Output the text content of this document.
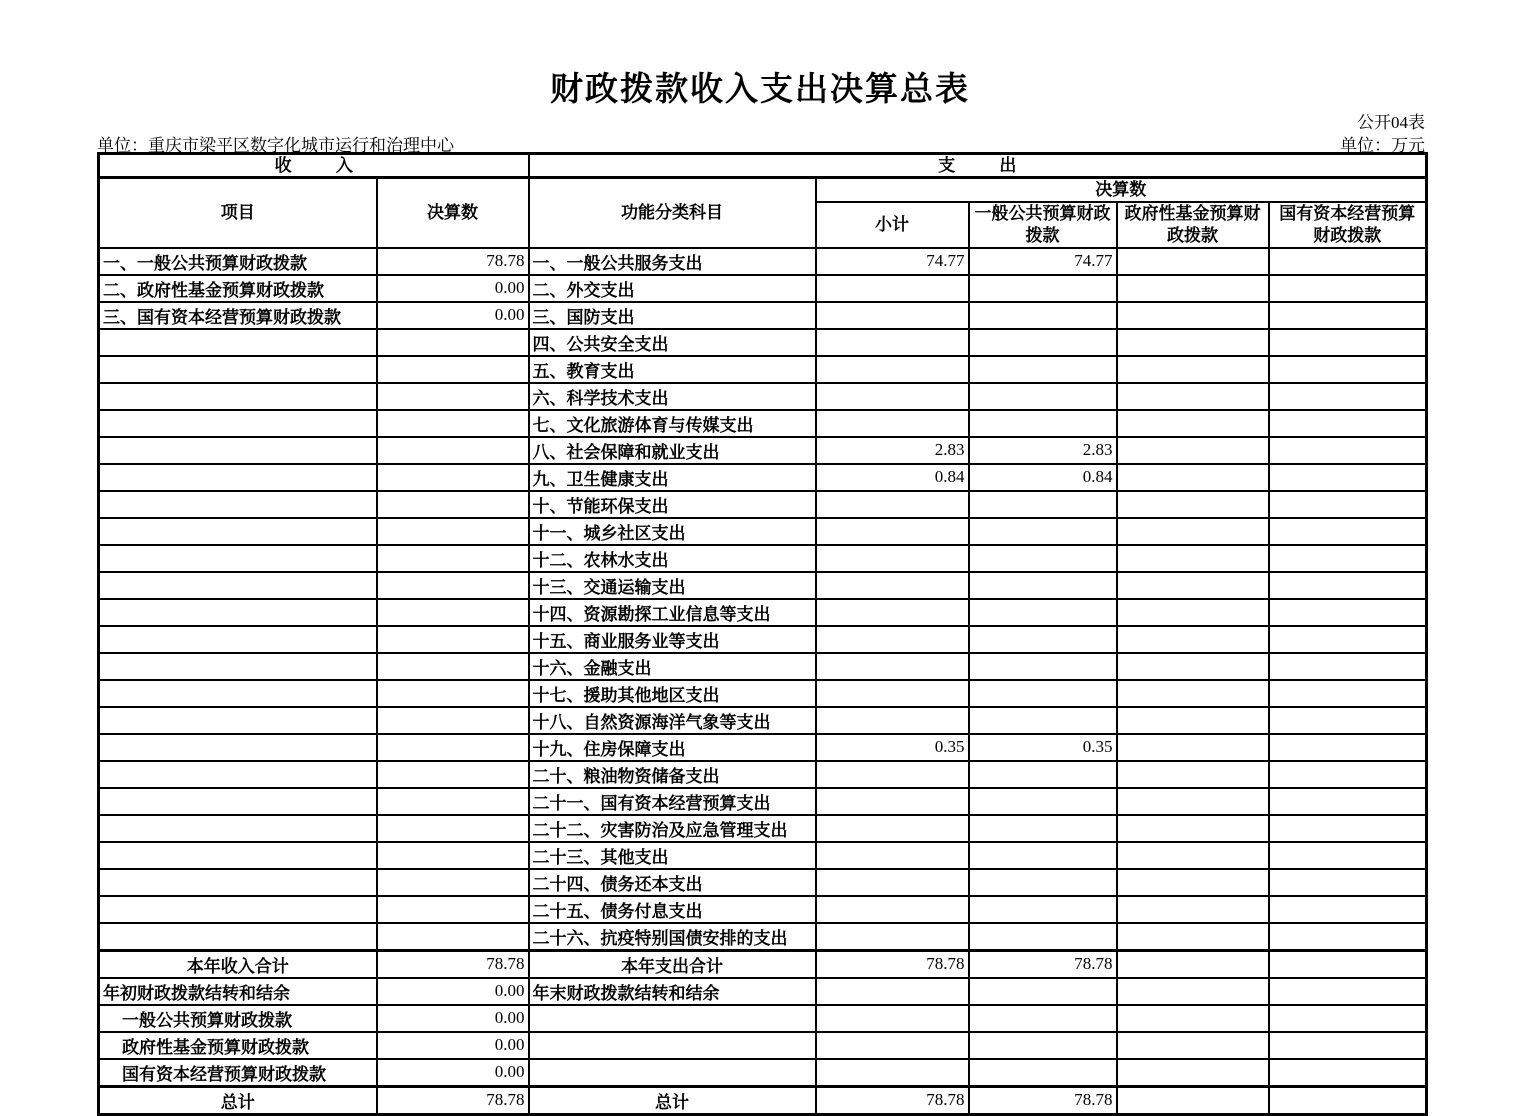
财政拨款收入支出决算总表
公开04表
单位：重庆市梁平区数字化城市运行和治理中心	单位：万元
收 入		支 出				
项目	决算数	功能分类科目	决算数			
			小计	一般公共预算财政 拨款	政府性基金预算财 政拨款	国有资本经营预算 财政拨款
一、一般公共预算财政拨款	78.78	一、一般公共服务支出	74.77	74.77		
二、政府性基金预算财政拨款	0.00	二、外交支出				
三、国有资本经营预算财政拨款	0.00	三、国防支出				
		四、公共安全支出				
		五、教育支出				
		六、科学技术支出				
		七、文化旅游体育与传媒支出				
		八、社会保障和就业支出	2.83	2.83		
		九、卫生健康支出	0.84	0.84		
		十、节能环保支出				
		十一、城乡社区支出				
		十二、农林水支出				
		十三、交通运输支出				
		十四、资源勘探工业信息等支出				
		十五、商业服务业等支出				
		十六、金融支出				
		十七、援助其他地区支出				
		十八、自然资源海洋气象等支出				
		十九、住房保障支出	0.35	0.35		
		二十、粮油物资储备支出				
		二十一、国有资本经营预算支出				
		二十二、灾害防治及应急管理支出				
		二十三、其他支出				
		二十四、债务还本支出				
		二十五、债务付息支出				
		二十六、抗疫特别国债安排的支出				
本年收入合计	78.78	本年支出合计	78.78	78.78		
年初财政拨款结转和结余	0.00	年末财政拨款结转和结余				
一般公共预算财政拨款	0.00					
政府性基金预算财政拨款	0.00					
国有资本经营预算财政拨款	0.00					
总计	78.78	总计	78.78	78.78		
